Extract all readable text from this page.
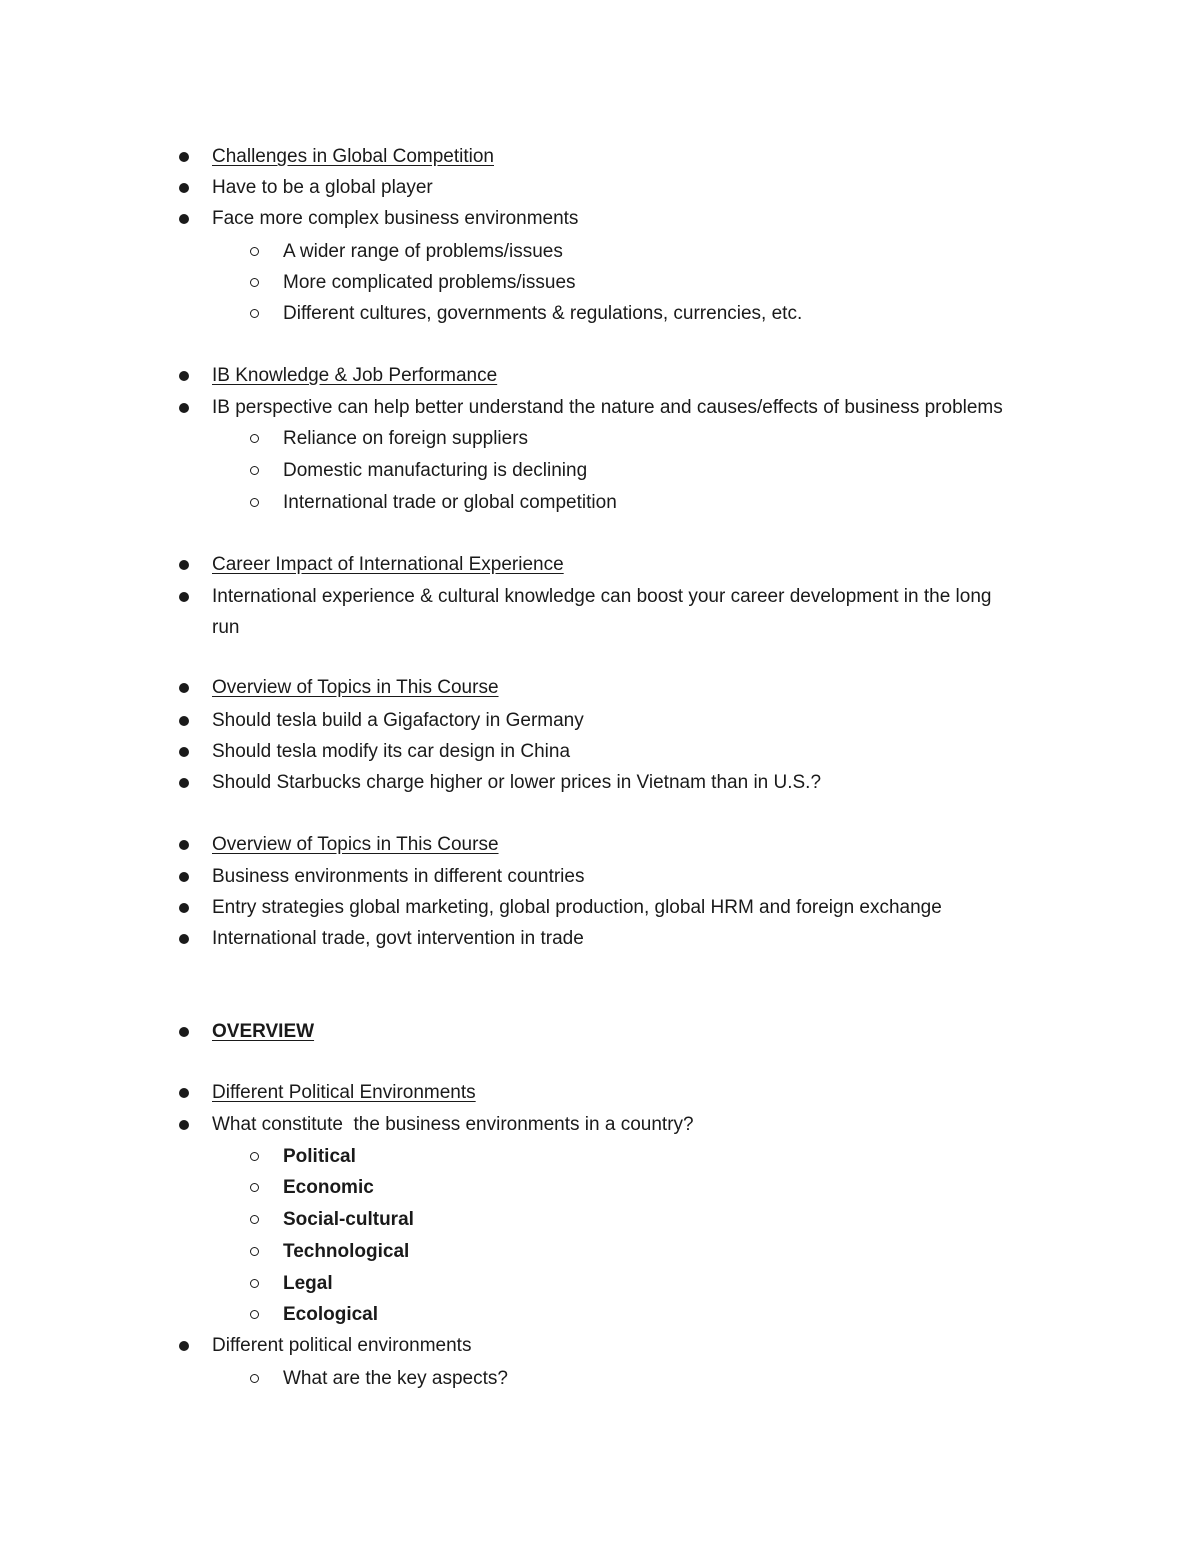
Challenges in Global Competition
Have to be a global player
Face more complex business environments
A wider range of problems/issues
More complicated problems/issues
Different cultures, governments & regulations, currencies, etc.
IB Knowledge & Job Performance
IB perspective can help better understand the nature and causes/effects of business problems
Reliance on foreign suppliers
Domestic manufacturing is declining
International trade or global competition
Career Impact of International Experience
International experience & cultural knowledge can boost your career development in the long
run
Overview of Topics in This Course
Should tesla build a Gigafactory in Germany
Should tesla modify its car design in China
Should Starbucks charge higher or lower prices in Vietnam than in U.S.?
Overview of Topics in This Course
Business environments in different countries
Entry strategies global marketing, global production, global HRM and foreign exchange
International trade, govt intervention in trade
OVERVIEW
Different Political Environments
What constitute  the business environments in a country?
Political
Economic
Social-cultural
Technological
Legal
Ecological
Different political environments
What are the key aspects?
